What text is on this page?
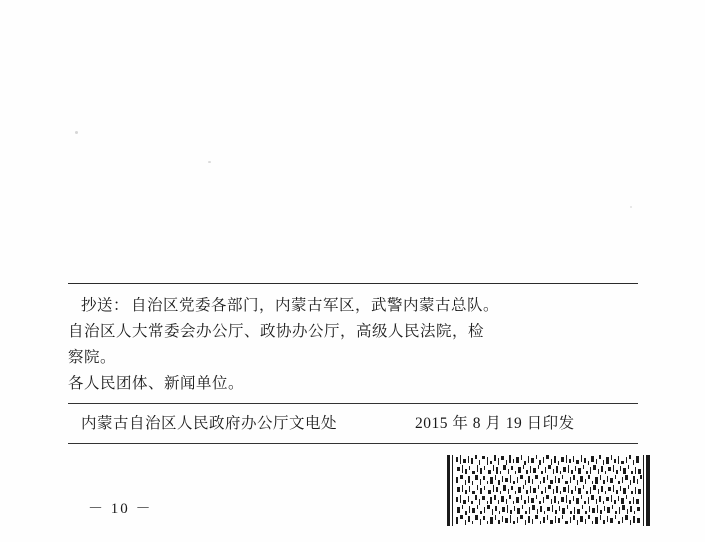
抄送： 自治区党委各部门，内蒙古军区，武警内蒙古总队。
自治区人大常委会办公厅、政协办公厅，高级人民法院，检
察院。
各人民团体、新闻单位。
内蒙古自治区人民政府办公厅文电处	2015 年 8 月 19 日印发
－ 10 －
